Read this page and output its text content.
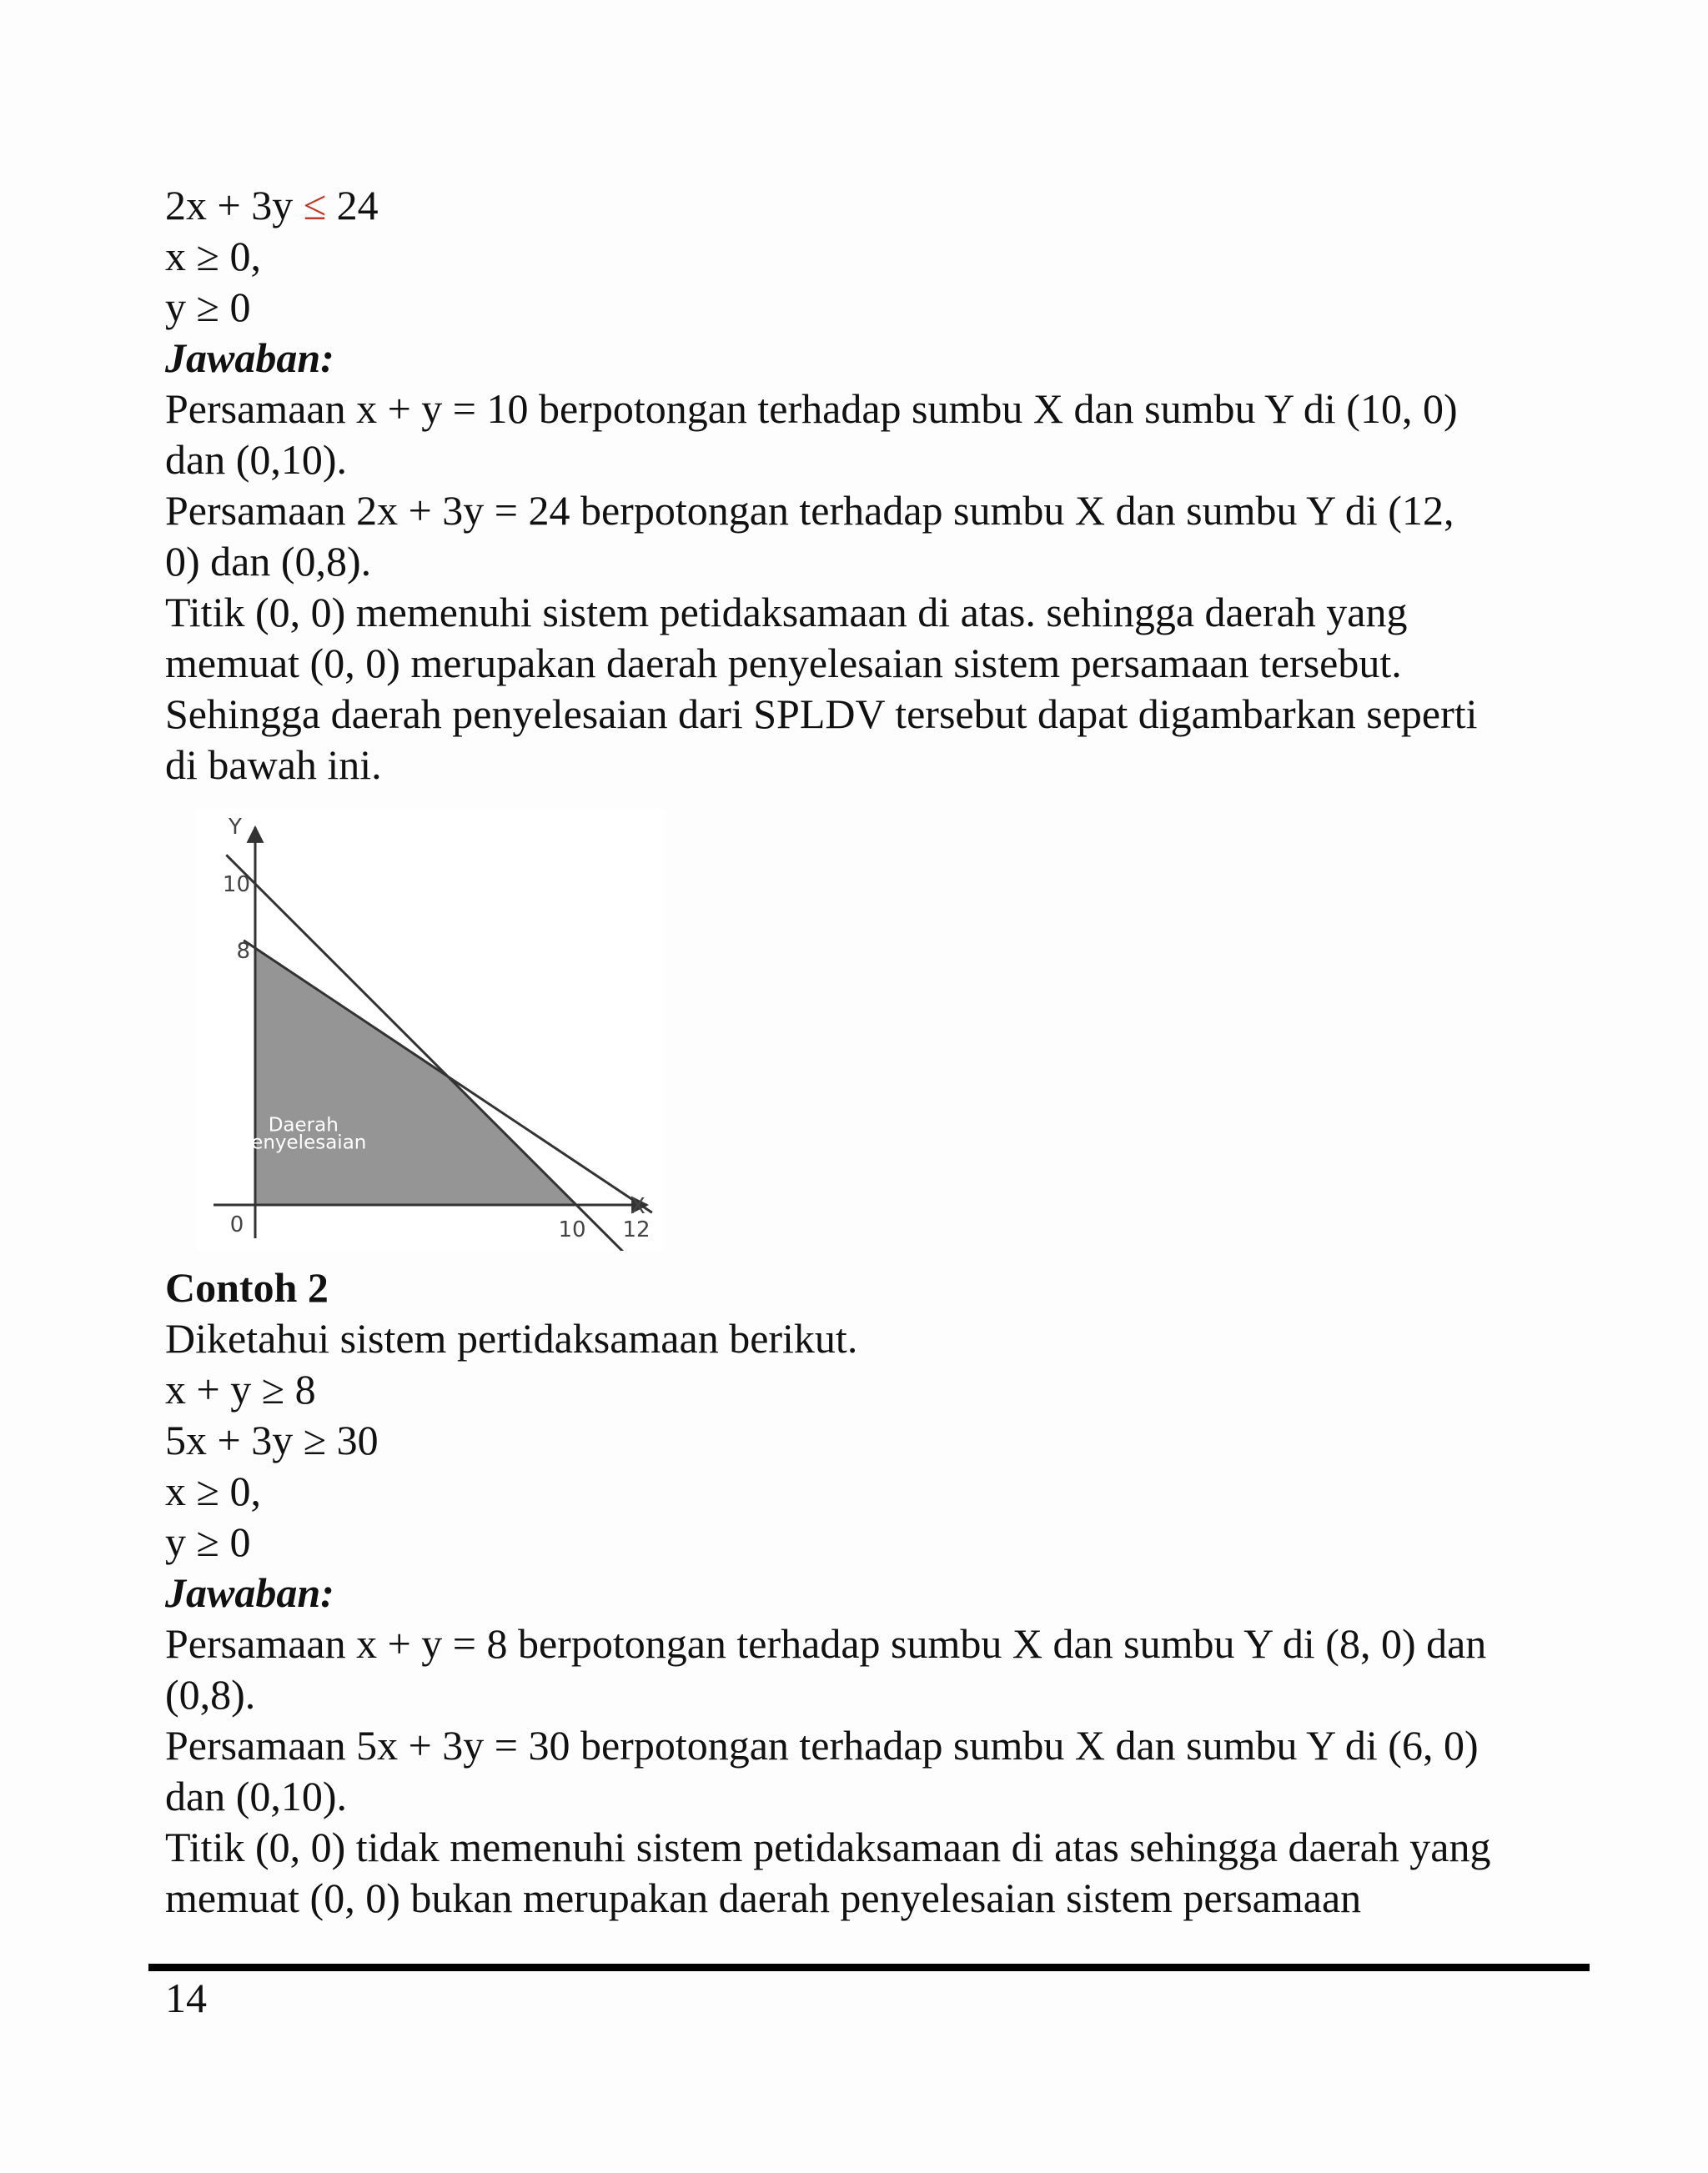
2x + 3y ≤ 24
x ≥ 0,
y ≥ 0
Jawaban:
Persamaan x + y = 10 berpotongan terhadap sumbu X dan sumbu Y di (10, 0)
dan (0,10).
Persamaan 2x + 3y = 24 berpotongan terhadap sumbu X dan sumbu Y di (12,
0) dan (0,8).
Titik (0, 0) memenuhi sistem petidaksamaan di atas. sehingga daerah yang
memuat (0, 0) merupakan daerah penyelesaian sistem persamaan tersebut.
Sehingga daerah penyelesaian dari SPLDV tersebut dapat digambarkan seperti
di bawah ini.
Y
X
10
8
10 12
0
Daerah
Penyelesaian
Contoh 2
Diketahui sistem pertidaksamaan berikut.
x + y ≥ 8
5x + 3y ≥ 30
x ≥ 0,
y ≥ 0
Jawaban:
Persamaan x + y = 8 berpotongan terhadap sumbu X dan sumbu Y di (8, 0) dan
(0,8).
Persamaan 5x + 3y = 30 berpotongan terhadap sumbu X dan sumbu Y di (6, 0)
dan (0,10).
Titik (0, 0) tidak memenuhi sistem petidaksamaan di atas sehingga daerah yang
memuat (0, 0) bukan merupakan daerah penyelesaian sistem persamaan
14
